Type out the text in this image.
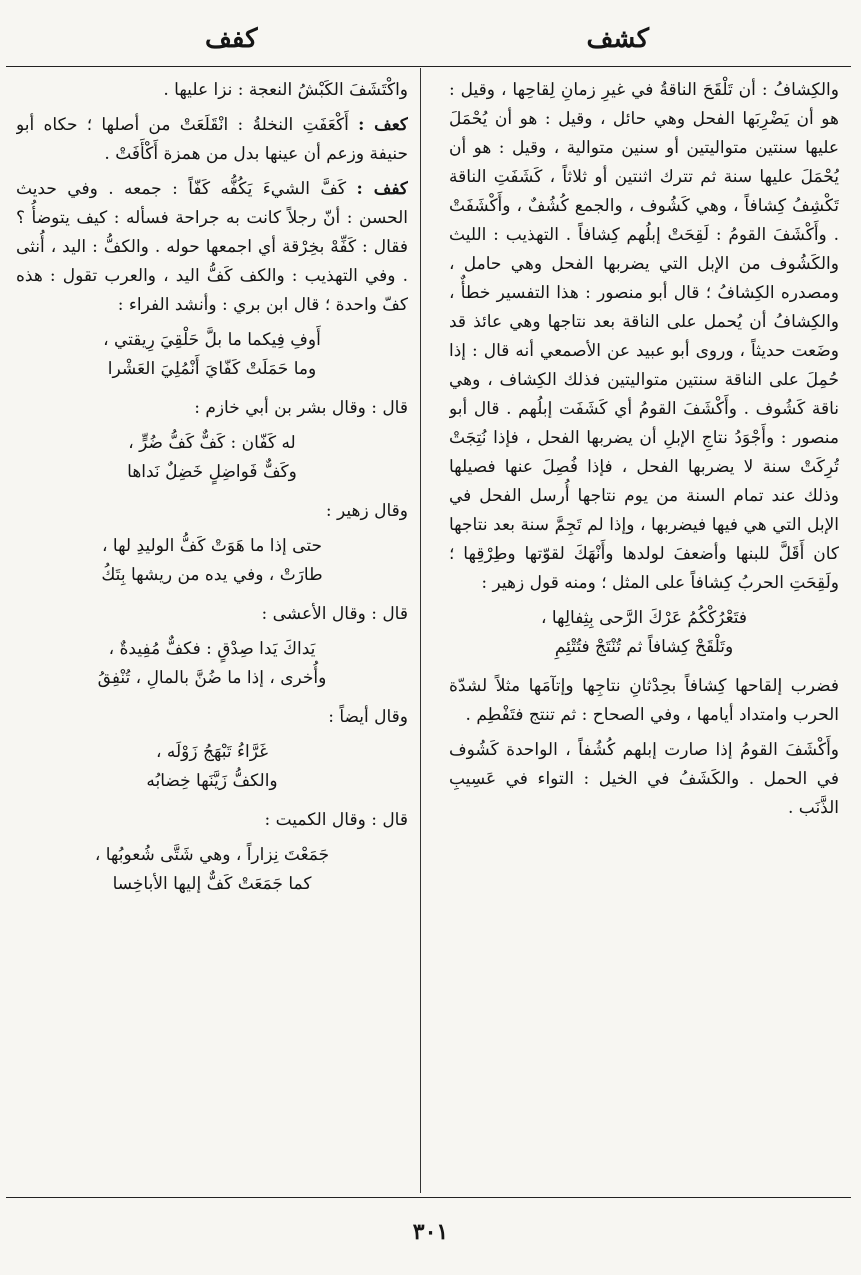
كشف
كفف

والكِشافُ : أن تَلْقَحَ الناقةُ في غيرِ زمانِ لِقاحِها ، وقيل : هو أن يَضْرِبَها الفحل وهي حائل ، وقيل : هو أن يُحْمَلَ عليها سنتين متواليتين أو سنين متوالية ، وقيل : هو أن يُحْمَلَ عليها سنة ثم تترك اثنتين أو ثلاثاً ، كَشَفَتِ الناقة تَكْشِفُ كِشافاً ، وهي كَشُوف ، والجمع كُشُفٌ ، وأَكْشَفَتْ . وأَكْشَفَ القومُ : لَقِحَتْ إبلُهم كِشافاً . التهذيب : الليث والكَشُوف من الإبل التي يضربها الفحل وهي حامل ، ومصدره الكِشافُ ؛ قال أبو منصور : هذا التفسير خطأٌ ، والكِشافُ أن يُحمل على الناقة بعد نتاجها وهي عائذ قد وضَعت حديثاً ، وروى أبو عبيد عن الأصمعي أنه قال : إذا حُمِلَ على الناقة سنتين متواليتين فذلك الكِشاف ، وهي ناقة كَشُوف . وأَكْشَفَ القومُ أي كَشَفَت إبلُهم . قال أبو منصور : وأَجْوَدُ نتاجِ الإبلِ أن يضربها الفحل ، فإذا نُتِجَتْ تُرِكَتْ سنة لا يضربها الفحل ، فإذا فُصِلَ عنها فصيلها وذلك عند تمام السنة من يوم نتاجها أُرسل الفحل في الإبل التي هي فيها فيضربها ، وإذا لم تَجِمَّ سنة بعد نتاجها كان أَقَلَّ للبنها وأضعفَ لولدها وأَنْهَكَ لقوّتها وطِرْقِها ؛ ولَقِحَتِ الحربُ كِشافاً على المثل ؛ ومنه قول زهير :

فتَعْرُكْكُمُ عَرْكَ الرَّحى بِثِفالِها ،
وتَلْقَحْ كِشافاً ثم تُنْتَجْ فتُتْئِمِ

فضرب إلقاحها كِشافاً بحِدْثانِ نتاجِها وإتآمَها مثلاً لشدّة الحرب وامتداد أيامها ، وفي الصحاح : ثم تنتج فتَفْطِم .

وأَكْشَفَ القومُ إذا صارت إبلهم كُشُفاً ، الواحدة كَشُوف في الحمل . والكَشَفُ في الخيل : التواء في عَسِيبِ الذَّنَب .

واكْتَشَفَ الكَبْشُ النعجة : نزا عليها .

كعف : أَكْعَفَتِ النخلةُ : انْقَلَعَتْ من أصلها ؛ حكاه أبو حنيفة وزعم أن عينها بدل من همزة أَكْأَفَتْ .

كفف : كَفَّ الشيءَ يَكُفُّه كَفّاً : جمعه . وفي حديث الحسن : أنّ رجلاً كانت به جراحة فسأله : كيف يتوضأُ ؟ فقال : كَفِّهْ بخِرْقة أي اجمعها حوله . والكفُّ : اليد ، أُنثى . وفي التهذيب : والكف كَفُّ اليد ، والعرب تقول : هذه كفّ واحدة ؛ قال ابن بري : وأنشد الفراء :

أَوفِ فِيكما ما بلَّ حَلْقِيَ رِيقتي ،
وما حَمَلَتْ كَفّايَ أَنْمُلِيَ العَشْرا

قال : وقال بشر بن أبي خازم :

له كَفّان : كَفٌّ كَفُّ ضُرٍّ ،
وكَفٌّ فَواضِلٍ خَضِلٌ نَداها

وقال زهير :

حتى إذا ما هَوَتْ كَفُّ الوليدِ لها ،
طارَتْ ، وفي يده من ريشها بِتَكُ

قال : وقال الأعشى :

يَداكَ يَدا صِدْقٍ : فكفٌّ مُفِيدةٌ ،
وأُخرى ، إذا ما ضُنَّ بالمالِ ، تُنْفِقُ

وقال أيضاً :

غَرَّاءُ تَبْهَجُ زَوْلَه ،
والكفُّ زَيَّنَها خِضابُه

قال : وقال الكميت :

جَمَعْتَ نِزاراً ، وهي شَتَّى شُعوبُها ،
كما جَمَعَتْ كَفٌّ إليها الأباخِسا
٣٠١
